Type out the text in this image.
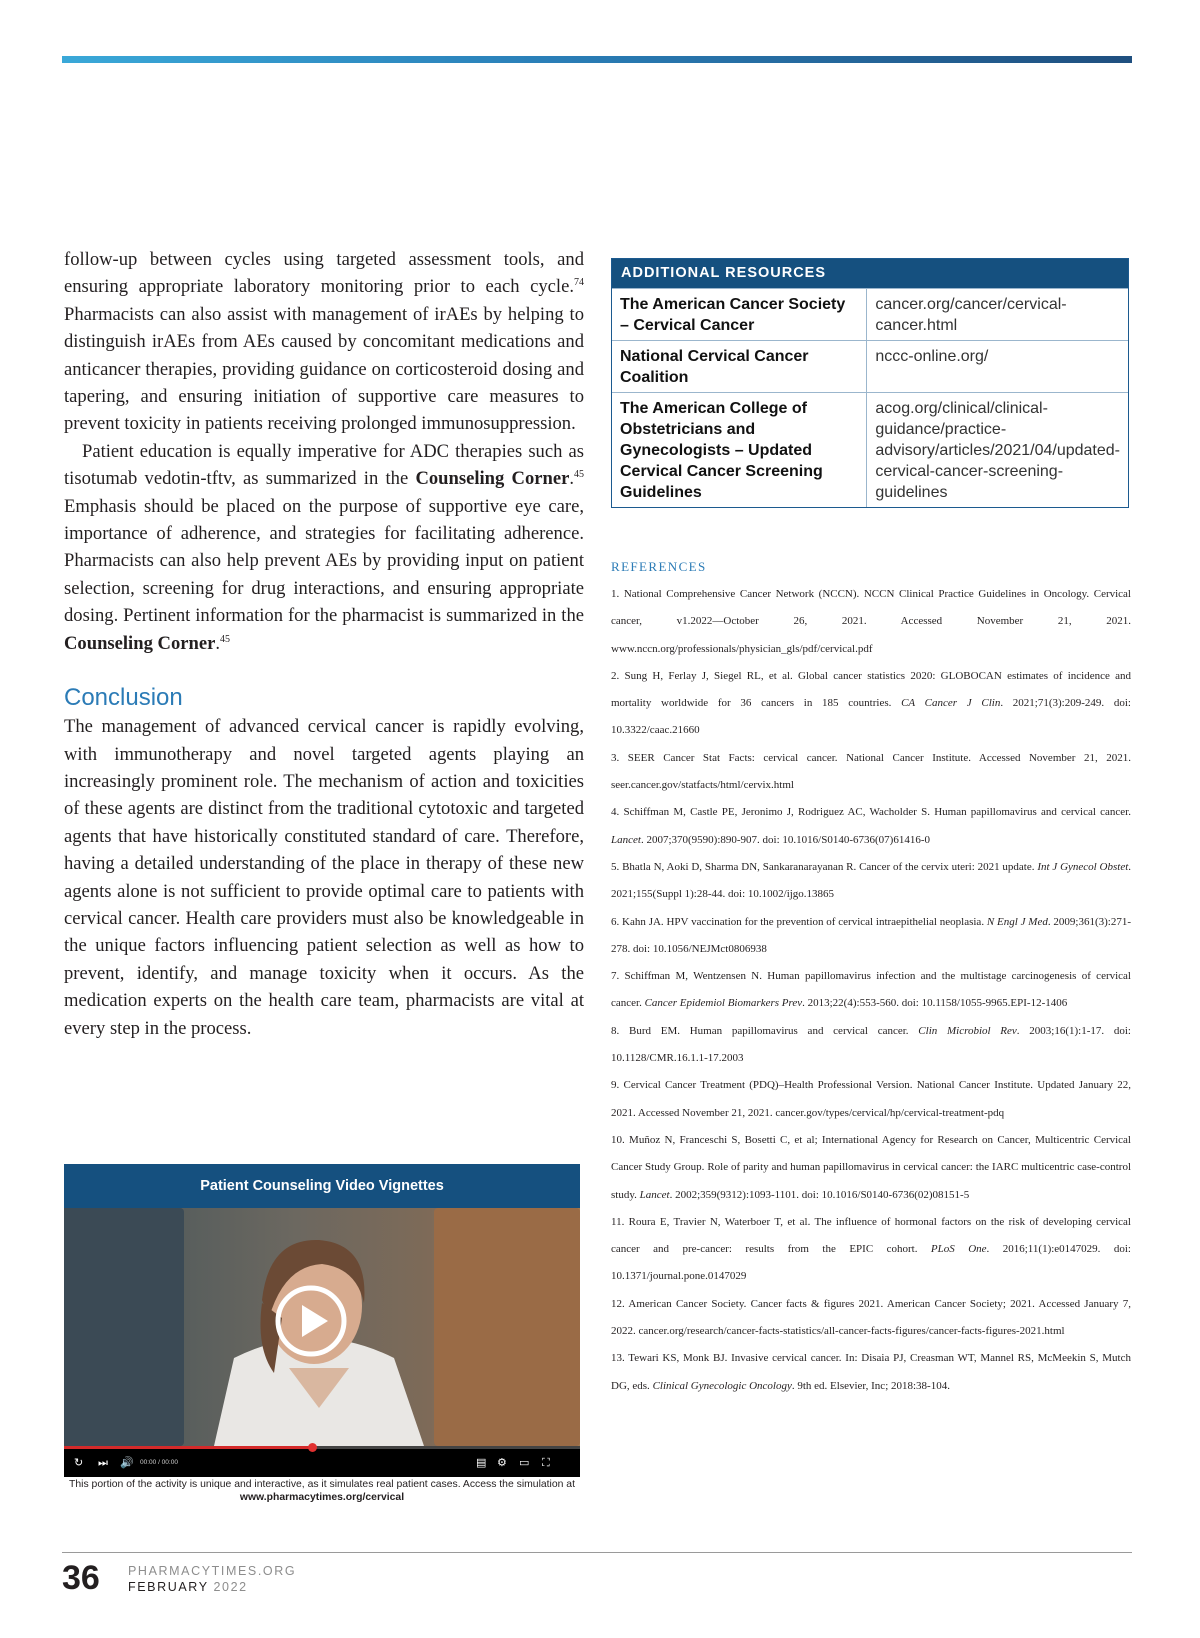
follow-up between cycles using targeted assessment tools, and ensuring appropriate laboratory monitoring prior to each cycle.$^{74}$ Pharmacists can also assist with management of irAEs by helping to distinguish irAEs from AEs caused by concomitant medications and anticancer therapies, providing guidance on corticosteroid dosing and tapering, and ensuring initiation of supportive care measures to prevent toxicity in patients receiving prolonged immunosuppression.

Patient education is equally imperative for ADC therapies such as tisotumab vedotin-tftv, as summarized in the Counseling Corner.$^{45}$ Emphasis should be placed on the purpose of supportive eye care, importance of adherence, and strategies for facilitating adherence. Pharmacists can also help prevent AEs by providing input on patient selection, screening for drug interactions, and ensuring appropriate dosing. Pertinent information for the pharmacist is summarized in the Counseling Corner.$^{45}$

Conclusion

The management of advanced cervical cancer is rapidly evolving, with immunotherapy and novel targeted agents playing an increasingly prominent role. The mechanism of action and toxicities of these agents are distinct from the traditional cytotoxic and targeted agents that have historically constituted standard of care. Therefore, having a detailed understanding of the place in therapy of these new agents alone is not sufficient to provide optimal care to patients with cervical cancer. Health care providers must also be knowledgeable in the unique factors influencing patient selection as well as how to prevent, identify, and manage toxicity when it occurs. As the medication experts on the health care team, pharmacists are vital at every step in the process.

Patient Counseling Video Vignettes
↻ ⏭ 🔊 00:00 / 00:00	▤ ⚙ ▭ ⛶
This portion of the activity is unique and interactive, as it simulates real patient cases. Access the simulation at www.pharmacytimes.org/cervical
ADDITIONAL RESOURCES
The American Cancer Society – Cervical Cancer	cancer.org/cancer/cervical-cancer.html
National Cervical Cancer Coalition	nccc-online.org/
The American College of Obstetricians and Gynecologists – Updated Cervical Cancer Screening Guidelines	acog.org/clinical/clinical-guidance/practice-advisory/articles/2021/04/updated-cervical-cancer-screening-guidelines
REFERENCES
1. National Comprehensive Cancer Network (NCCN). NCCN Clinical Practice Guidelines in Oncology. Cervical cancer, v1.2022—October 26, 2021. Accessed November 21, 2021. www.nccn.org/professionals/physician_gls/pdf/cervical.pdf
2. Sung H, Ferlay J, Siegel RL, et al. Global cancer statistics 2020: GLOBOCAN estimates of incidence and mortality worldwide for 36 cancers in 185 countries. CA Cancer J Clin. 2021;71(3):209-249. doi: 10.3322/caac.21660
3. SEER Cancer Stat Facts: cervical cancer. National Cancer Institute. Accessed November 21, 2021. seer.cancer.gov/statfacts/html/cervix.html
4. Schiffman M, Castle PE, Jeronimo J, Rodriguez AC, Wacholder S. Human papillomavirus and cervical cancer. Lancet. 2007;370(9590):890-907. doi: 10.1016/S0140-6736(07)61416-0
5. Bhatla N, Aoki D, Sharma DN, Sankaranarayanan R. Cancer of the cervix uteri: 2021 update. Int J Gynecol Obstet. 2021;155(Suppl 1):28-44. doi: 10.1002/ijgo.13865
6. Kahn JA. HPV vaccination for the prevention of cervical intraepithelial neoplasia. N Engl J Med. 2009;361(3):271-278. doi: 10.1056/NEJMct0806938
7. Schiffman M, Wentzensen N. Human papillomavirus infection and the multistage carcinogenesis of cervical cancer. Cancer Epidemiol Biomarkers Prev. 2013;22(4):553-560. doi: 10.1158/1055-9965.EPI-12-1406
8. Burd EM. Human papillomavirus and cervical cancer. Clin Microbiol Rev. 2003;16(1):1-17. doi: 10.1128/CMR.16.1.1-17.2003
9. Cervical Cancer Treatment (PDQ)–Health Professional Version. National Cancer Institute. Updated January 22, 2021. Accessed November 21, 2021. cancer.gov/types/cervical/hp/cervical-treatment-pdq
10. Muñoz N, Franceschi S, Bosetti C, et al; International Agency for Research on Cancer, Multicentric Cervical Cancer Study Group. Role of parity and human papillomavirus in cervical cancer: the IARC multicentric case-control study. Lancet. 2002;359(9312):1093-1101. doi: 10.1016/S0140-6736(02)08151-5
11. Roura E, Travier N, Waterboer T, et al. The influence of hormonal factors on the risk of developing cervical cancer and pre-cancer: results from the EPIC cohort. PLoS One. 2016;11(1):e0147029. doi: 10.1371/journal.pone.0147029
12. American Cancer Society. Cancer facts & figures 2021. American Cancer Society; 2021. Accessed January 7, 2022. cancer.org/research/cancer-facts-statistics/all-cancer-facts-figures/cancer-facts-figures-2021.html
13. Tewari KS, Monk BJ. Invasive cervical cancer. In: Disaia PJ, Creasman WT, Mannel RS, McMeekin S, Mutch DG, eds. Clinical Gynecologic Oncology. 9th ed. Elsevier, Inc; 2018:38-104.
36 PHARMACYTIMES.ORG
FEBRUARY 2022
